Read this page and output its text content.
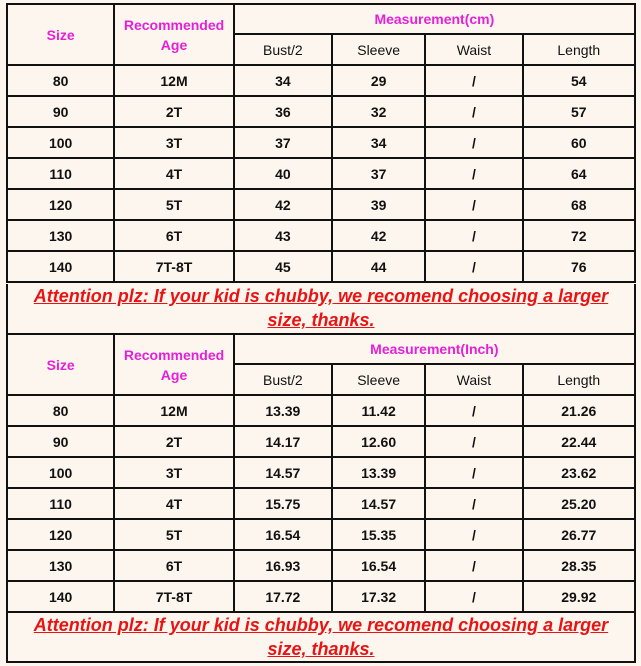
Size	Recommended Age	Measurement(cm)			
		Bust/2	Sleeve	Waist	Length
80	12M	34	29	/	54
90	2T	36	32	/	57
100	3T	37	34	/	60
110	4T	40	37	/	64
120	5T	42	39	/	68
130	6T	43	42	/	72
140	7T-8T	45	44	/	76
Attention plz: If your kid is chubby, we recomend choosing a larger size, thanks.
Size	Recommended Age	Measurement(Inch)			
		Bust/2	Sleeve	Waist	Length
80	12M	13.39	11.42	/	21.26
90	2T	14.17	12.60	/	22.44
100	3T	14.57	13.39	/	23.62
110	4T	15.75	14.57	/	25.20
120	5T	16.54	15.35	/	26.77
130	6T	16.93	16.54	/	28.35
140	7T-8T	17.72	17.32	/	29.92
Attention plz: If your kid is chubby, we recomend choosing a larger size, thanks.
